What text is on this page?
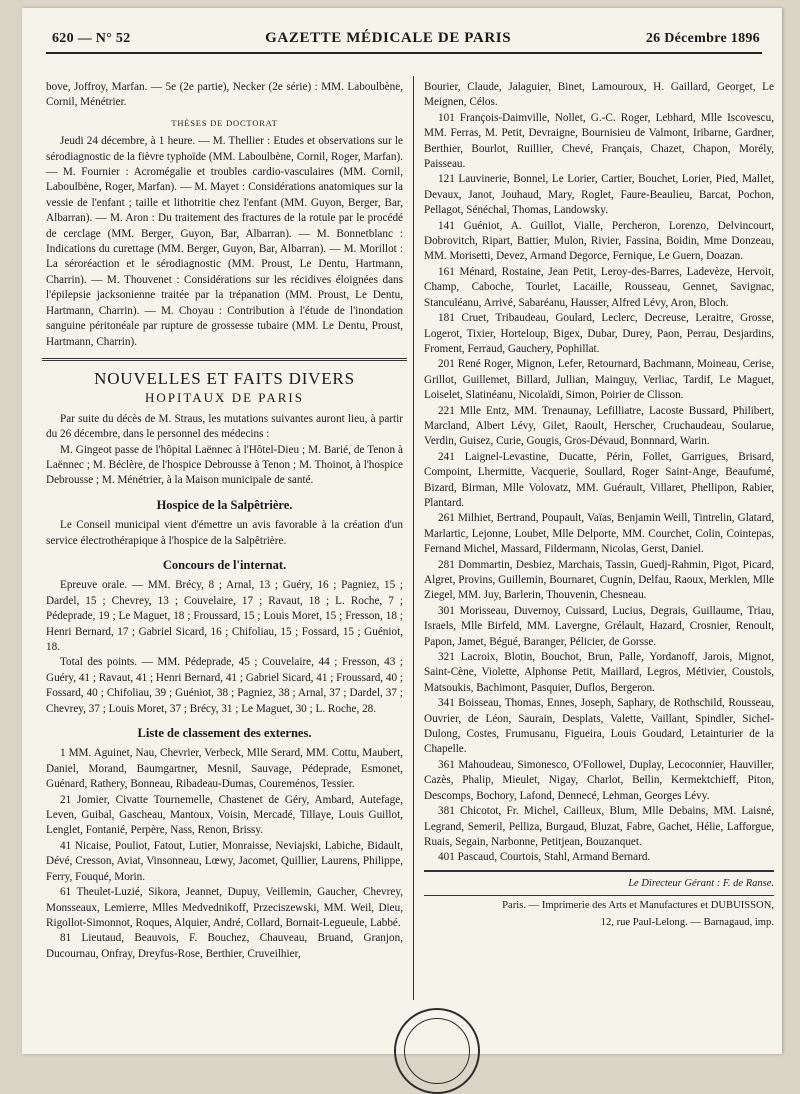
620 — N° 52	GAZETTE MÉDICALE DE PARIS	26 Décembre 1896

bove, Joffroy, Marfan. — 5e (2e partie), Necker (2e série) : MM. Laboulbène, Cornil, Ménétrier.

THÈSES DE DOCTORAT

Jeudi 24 décembre, à 1 heure. — M. Thellier : Etudes et observations sur le sérodiagnostic de la fièvre typhoïde (MM. Laboulbène, Cornil, Roger, Marfan). — M. Fournier : Acromégalie et troubles cardio-vasculaires (MM. Cornil, Laboulbène, Roger, Marfan). — M. Mayet : Considérations anatomiques sur la vessie de l'enfant ; taille et lithotritie chez l'enfant (MM. Guyon, Berger, Bar, Albarran). — M. Aron : Du traitement des fractures de la rotule par le procédé de cerclage (MM. Berger, Guyon, Bar, Albarran). — M. Bonnetblanc : Indications du curettage (MM. Berger, Guyon, Bar, Albarran). — M. Morillot : La séroréaction et le sérodiagnostic (MM. Proust, Le Dentu, Hartmann, Charrin). — M. Thouvenet : Considérations sur les récidives éloignées dans l'épilepsie jacksonienne traitée par la trépanation (MM. Proust, Le Dentu, Hartmann, Charrin). — M. Choyau : Contribution à l'étude de l'inondation sanguine péritonéale par rupture de grossesse tubaire (MM. Le Dentu, Proust, Hartmann, Charrin).

NOUVELLES ET FAITS DIVERS
HOPITAUX DE PARIS

Par suite du décès de M. Straus, les mutations suivantes auront lieu, à partir du 26 décembre, dans le personnel des médecins :

M. Gingeot passe de l'hôpital Laënnec à l'Hôtel-Dieu ; M. Barié, de Tenon à Laënnec ; M. Béclère, de l'hospice Debrousse à Tenon ; M. Thoinot, à l'hospice Debrousse ; M. Ménétrier, à la Maison municipale de santé.

Hospice de la Salpêtrière.

Le Conseil municipal vient d'émettre un avis favorable à la création d'un service électrothérapique à l'hospice de la Salpêtrière.

Concours de l'internat.

Epreuve orale. — MM. Brécy, 8 ; Arnal, 13 ; Guéry, 16 ; Pagniez, 15 ; Dardel, 15 ; Chevrey, 13 ; Couvelaire, 17 ; Ravaut, 18 ; L. Roche, 7 ; Pédeprade, 19 ; Le Maguet, 18 ; Froussard, 15 ; Louis Moret, 15 ; Fresson, 18 ; Henri Bernard, 17 ; Gabriel Sicard, 16 ; Chifoliau, 15 ; Fossard, 15 ; Guéniot, 18.

Total des points. — MM. Pédeprade, 45 ; Couvelaire, 44 ; Fresson, 43 ; Guéry, 41 ; Ravaut, 41 ; Henri Bernard, 41 ; Gabriel Sicard, 41 ; Froussard, 40 ; Fossard, 40 ; Chifoliau, 39 ; Guéniot, 38 ; Pagniez, 38 ; Arnal, 37 ; Dardel, 37 ; Chevrey, 37 ; Louis Moret, 37 ; Brécy, 31 ; Le Maguet, 30 ; L. Roche, 28.

Liste de classement des externes.

1 MM. Aguinet, Nau, Chevrier, Verbeck, Mlle Serard, MM. Cottu, Maubert, Daniel, Morand, Baumgartner, Mesnil, Sauvage, Pédeprade, Esmonet, Guénard, Rathery, Bonneau, Ribadeau-Dumas, Coureménos, Tessier.

21 Jomier, Civatte Tournemelle, Chastenet de Géry, Ambard, Autefage, Leven, Guibal, Gascheau, Mantoux, Voisin, Mercadé, Tillaye, Louis Guillot, Lenglet, Fontanié, Perpère, Nass, Renon, Brissy.

41 Nicaise, Pouliot, Fatout, Lutier, Monraisse, Neviajski, Labiche, Bidault, Dévé, Cresson, Aviat, Vinsonneau, Lœwy, Jacomet, Quillier, Laurens, Philippe, Ferry, Fouqué, Morin.

61 Theulet-Luzié, Sikora, Jeannet, Dupuy, Veillemin, Gaucher, Chevrey, Monsseaux, Lemierre, Mlles Medvednikoff, Przeciszewski, MM. Weil, Dieu, Rigollot-Simonnot, Roques, Alquier, André, Collard, Bornait-Legueule, Labbé.

81 Lieutaud, Beauvois, F. Bouchez, Chauveau, Bruand, Granjon, Ducournau, Onfray, Dreyfus-Rose, Berthier, Cruveilhier,

Bourier, Claude, Jalaguier, Binet, Lamouroux, H. Gaillard, Georget, Le Meignen, Célos.

101 François-Daimville, Nollet, G.-C. Roger, Lebhard, Mlle Iscovescu, MM. Ferras, M. Petit, Devraigne, Bournisieu de Valmont, Iribarne, Gardner, Berthier, Bourlot, Ruillier, Chevé, Français, Chazet, Chapon, Morély, Paisseau.

121 Lauvinerie, Bonnel, Le Lorier, Cartier, Bouchet, Lorier, Pied, Mallet, Devaux, Janot, Jouhaud, Mary, Roglet, Faure-Beaulieu, Barcat, Pochon, Pellagot, Sénéchal, Thomas, Landowsky.

141 Guéniot, A. Guillot, Vialle, Percheron, Lorenzo, Delvincourt, Dobrovitch, Ripart, Battier, Mulon, Rivier, Fassina, Boidin, Mme Donzeau, MM. Morisetti, Devez, Armand Degorce, Fernique, Le Guern, Doazan.

161 Ménard, Rostaine, Jean Petit, Leroy-des-Barres, Ladevèze, Hervoit, Champ, Caboche, Tourlet, Lacaille, Rousseau, Gennet, Savignac, Stanculéanu, Arrivé, Sabaréanu, Hausser, Alfred Lévy, Aron, Bloch.

181 Cruet, Tribaudeau, Goulard, Leclerc, Decreuse, Leraitre, Grosse, Logerot, Tixier, Horteloup, Bigex, Dubar, Durey, Paon, Perrau, Desjardins, Froment, Ferraud, Gauchery, Pophillat.

201 René Roger, Mignon, Lefer, Retournard, Bachmann, Moineau, Cerise, Grillot, Guillemet, Billard, Jullian, Mainguy, Verliac, Tardif, Le Maguet, Loiselet, Slatinéanu, Nicolaïdi, Simon, Poirier de Clisson.

221 Mlle Entz, MM. Trenaunay, Lefilliatre, Lacoste Bussard, Philibert, Marcland, Albert Lévy, Gilet, Raoult, Herscher, Cruchaudeau, Soularue, Verdin, Guisez, Curie, Gougis, Gros-Dévaud, Bonnnard, Warin.

241 Laignel-Levastine, Ducatte, Périn, Follet, Garrigues, Brisard, Compoint, Lhermitte, Vacquerie, Soullard, Roger Saint-Ange, Beaufumé, Bizard, Birman, Mlle Volovatz, MM. Guérault, Villaret, Phellipon, Rabier, Plantard.

261 Milhiet, Bertrand, Poupault, Vaïas, Benjamin Weill, Tintrelin, Glatard, Marlartic, Lejonne, Loubet, Mlle Delporte, MM. Courchet, Colin, Cointepas, Fernand Michel, Massard, Fildermann, Nicolas, Gerst, Daniel.

281 Dommartin, Desbiez, Marchais, Tassin, Guedj-Rahmin, Pigot, Picard, Algret, Provins, Guillemin, Bournaret, Cugnin, Delfau, Raoux, Merklen, Mlle Ziegel, MM. Juy, Barlerin, Thouvenin, Chesneau.

301 Morisseau, Duvernoy, Cuissard, Lucius, Degrais, Guillaume, Triau, Israels, Mlle Birfeld, MM. Lavergne, Grélault, Hazard, Crosnier, Renoult, Papon, Jamet, Bégué, Baranger, Pélicier, de Gorsse.

321 Lacroix, Blotin, Bouchot, Brun, Palle, Yordanoff, Jarois, Mignot, Saint-Cène, Violette, Alphonse Petit, Maillard, Legros, Métivier, Coustols, Matsoukis, Bachimont, Pasquier, Duflos, Bergeron.

341 Boisseau, Thomas, Ennes, Joseph, Saphary, de Rothschild, Rousseau, Ouvrier, de Léon, Saurain, Desplats, Valette, Vaillant, Spindler, Sichel-Dulong, Costes, Frumusanu, Figueira, Louis Goudard, Letainturier de la Chapelle.

361 Mahoudeau, Simonesco, O'Followel, Duplay, Lecoconnier, Hauviller, Cazès, Phalip, Mieulet, Nigay, Charlot, Bellin, Kermektchieff, Piton, Descomps, Bochory, Lafond, Dennecé, Lehman, Georges Lévy.

381 Chicotot, Fr. Michel, Cailleux, Blum, Mlle Debains, MM. Laisné, Legrand, Semeril, Pelliza, Burgaud, Bluzat, Fabre, Gachet, Hélie, Lafforgue, Ruais, Segain, Narbonne, Petitjean, Bouzanquet.

401 Pascaud, Courtois, Stahl, Armand Bernard.

Le Directeur Gérant : F. de Ranse.
Paris. — Imprimerie des Arts et Manufactures et DUBUISSON,
12, rue Paul-Lelong. — Barnagaud, imp.
